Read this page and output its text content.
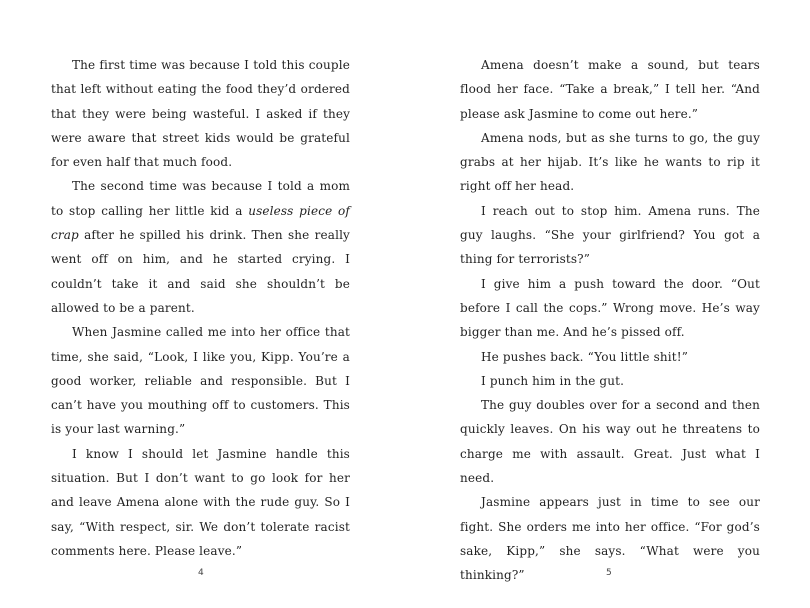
The first time was because I told this couple that left without eating the food they’d ordered that they were being wasteful. I asked if they were aware that street kids would be grateful for even half that much food.

The second time was because I told a mom to stop calling her little kid a useless piece of crap after he spilled his drink. Then she really went off on him, and he started crying. I couldn’t take it and said she shouldn’t be allowed to be a parent.

When Jasmine called me into her office that time, she said, “Look, I like you, Kipp. You’re a good worker, reliable and responsible. But I can’t have you mouthing off to customers. This is your last warning.”

I know I should let Jasmine handle this situation. But I don’t want to go look for her and leave Amena alone with the rude guy. So I say, “With respect, sir. We don’t tolerate racist comments here. Please leave.”

4

Amena doesn’t make a sound, but tears flood her face. “Take a break,” I tell her. “And please ask Jasmine to come out here.”

Amena nods, but as she turns to go, the guy grabs at her hijab. It’s like he wants to rip it right off her head.

I reach out to stop him. Amena runs. The guy laughs. “She your girlfriend? You got a thing for terrorists?”

I give him a push toward the door. “Out before I call the cops.” Wrong move. He’s way bigger than me. And he’s pissed off.

He pushes back. “You little shit!”

I punch him in the gut.

The guy doubles over for a second and then quickly leaves. On his way out he threatens to charge me with assault. Great. Just what I need.

Jasmine appears just in time to see our fight. She orders me into her office. “For god’s sake, Kipp,” she says. “What were you thinking?”	5
